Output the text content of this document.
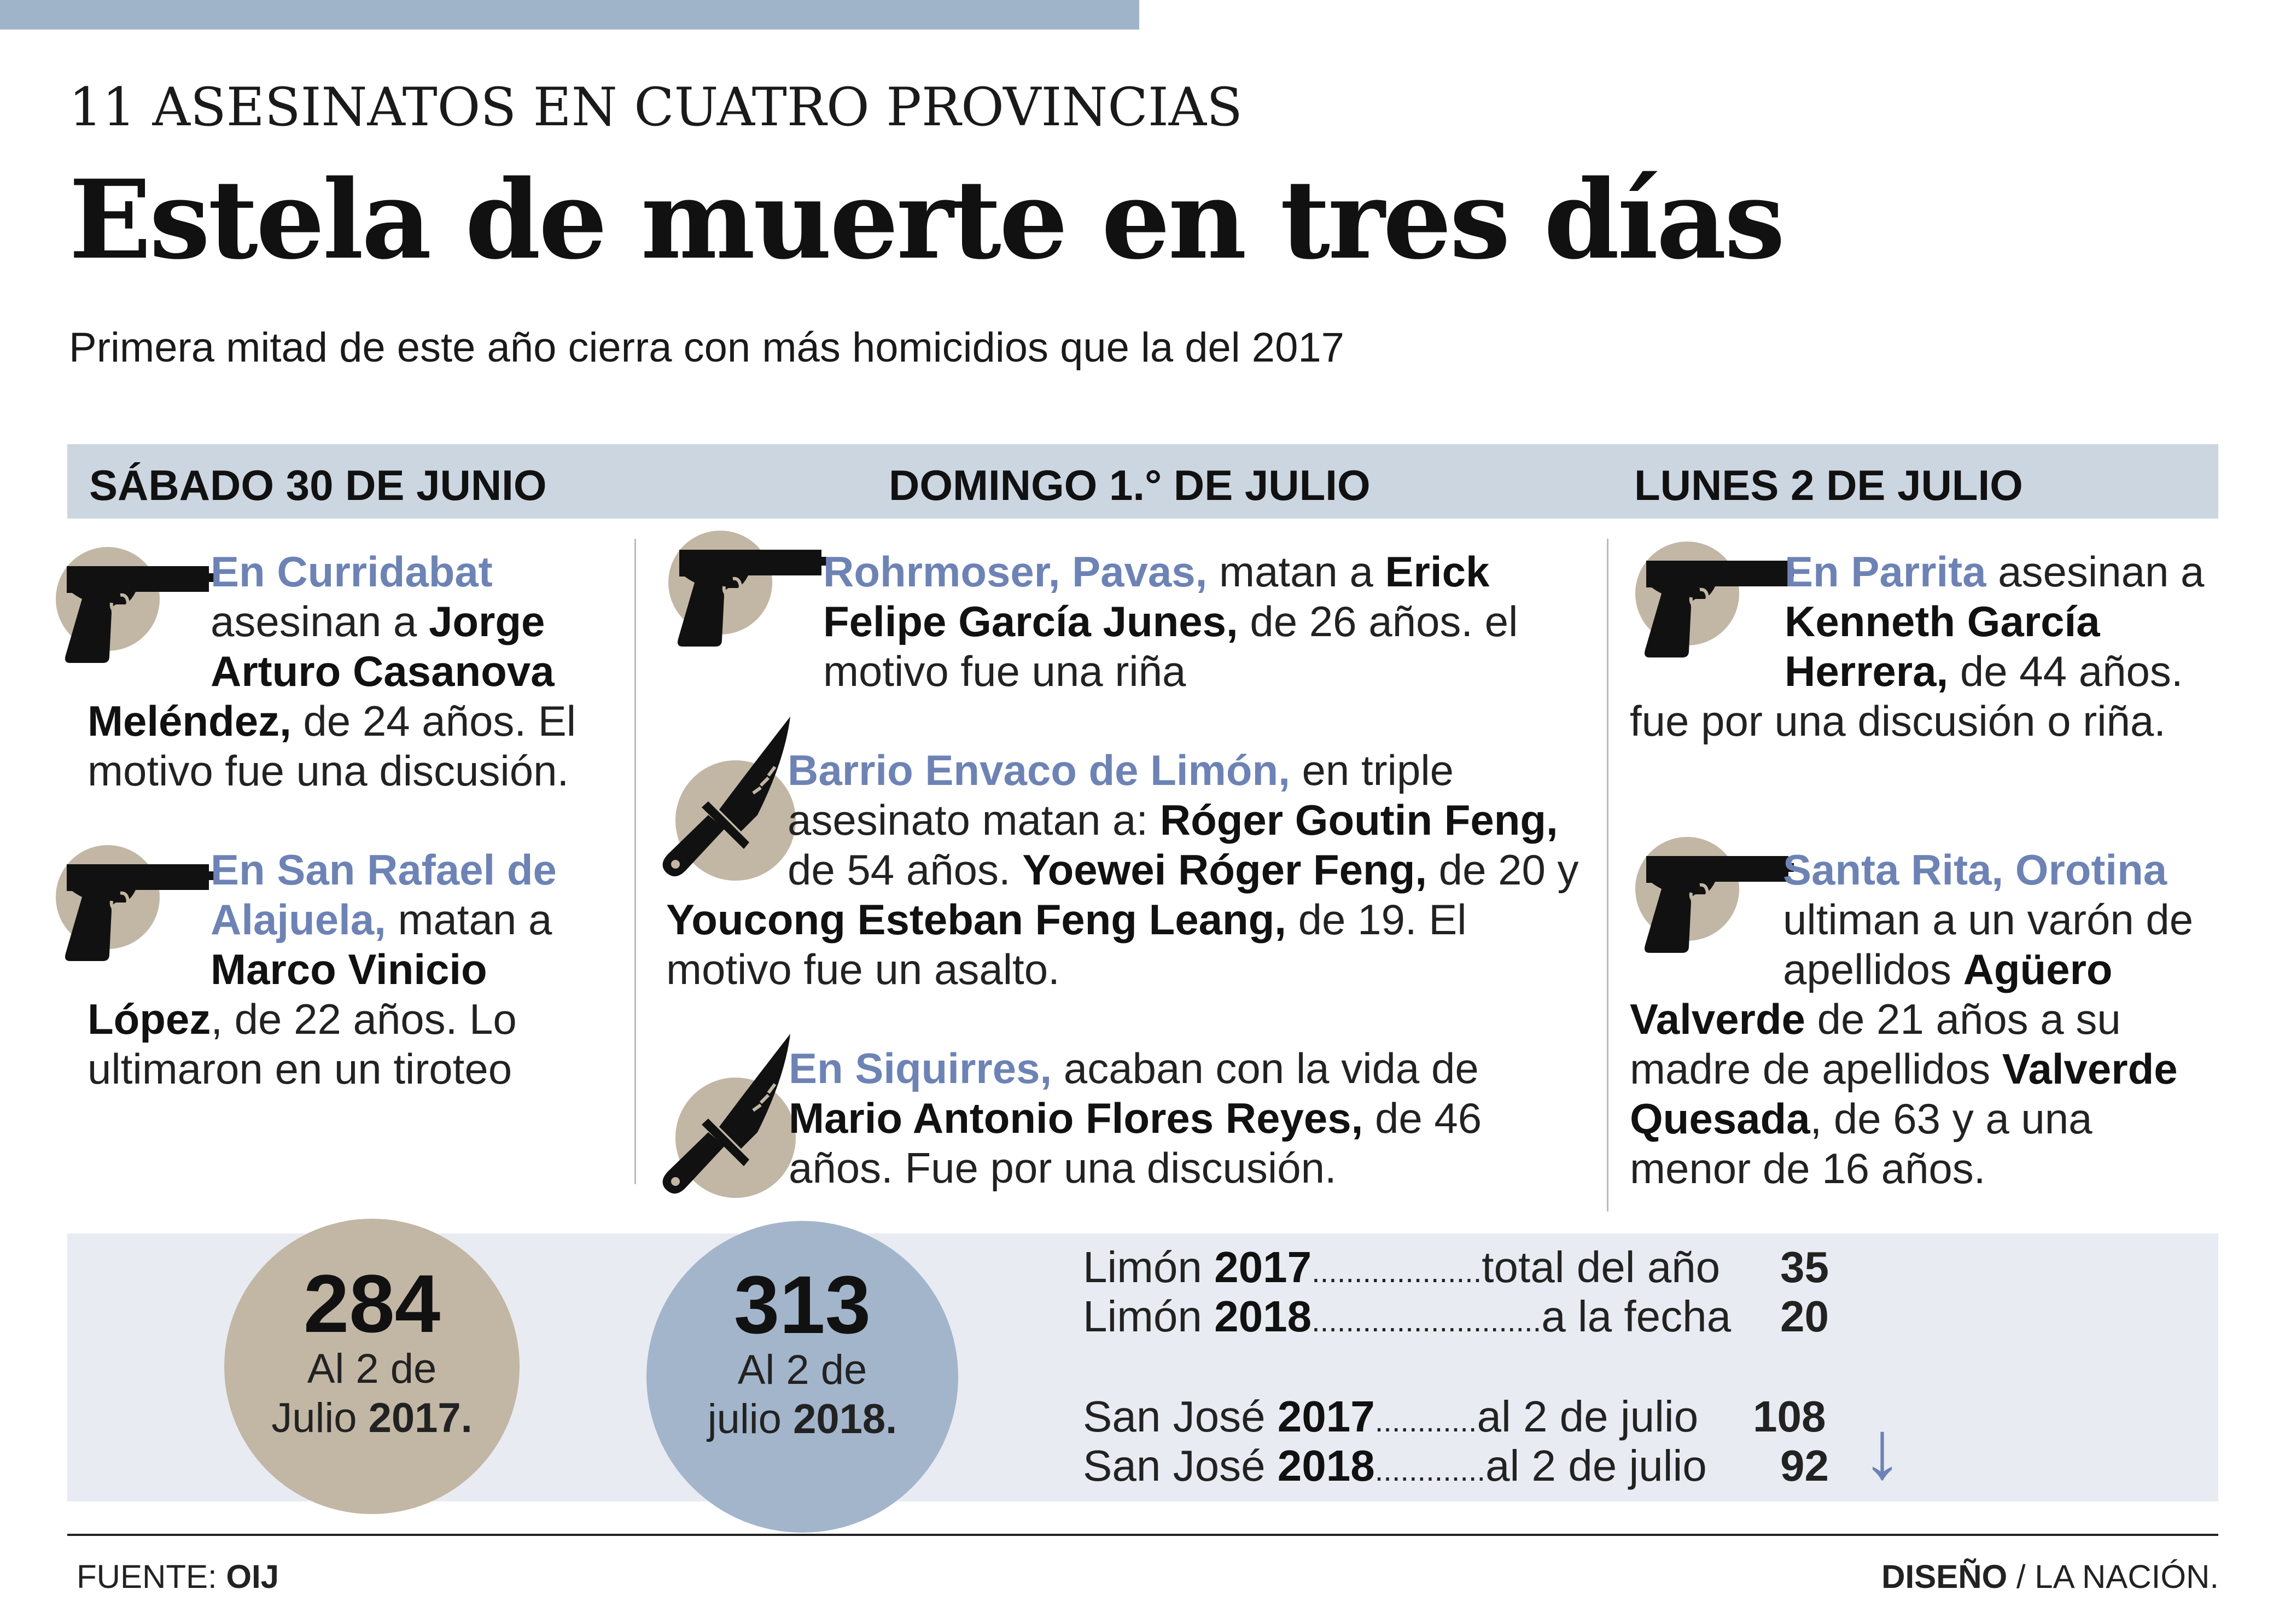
11 ASESINATOS EN CUATRO PROVINCIAS
Estela de muerte en tres días
Primera mitad de este año cierra con más homicidios que la del 2017
SÁBADO 30 DE JUNIO	DOMINGO 1.° DE JULIO	LUNES 2 DE JULIO
En Curridabat asesinan a Jorge Arturo Casanova Meléndez, de 24 años. El motivo fue una discusión.
En San Rafael de Alajuela, matan a Marco Vinicio López, de 22 años. Lo ultimaron en un tiroteo
Rohrmoser, Pavas, matan a Erick Felipe García Junes, de 26 años. el motivo fue una riña
Barrio Envaco de Limón, en triple asesinato matan a: Róger Goutin Feng, de 54 años. Yoewei Róger Feng, de 20 y Youcong Esteban Feng Leang, de 19. El motivo fue un asalto.
En Siquirres, acaban con la vida de Mario Antonio Flores Reyes, de 46 años. Fue por una discusión.
En Parrita asesinan a Kenneth García Herrera, de 44 años. fue por una discusión o riña.
Santa Rita, Orotina ultiman a un varón de apellidos Agüero Valverde de 21 años a su madre de apellidos Valverde Quesada, de 63 y a una menor de 16 años.
284
Al 2 de
Julio 2017.
313
Al 2 de
julio 2018.
Limón 2017....................total del año 35
Limón 2018...........................a la fecha 20
San José 2017............al 2 de julio 108
San José 2018.............al 2 de julio 92 ↓
FUENTE: OIJ	DISEÑO / LA NACIÓN.
